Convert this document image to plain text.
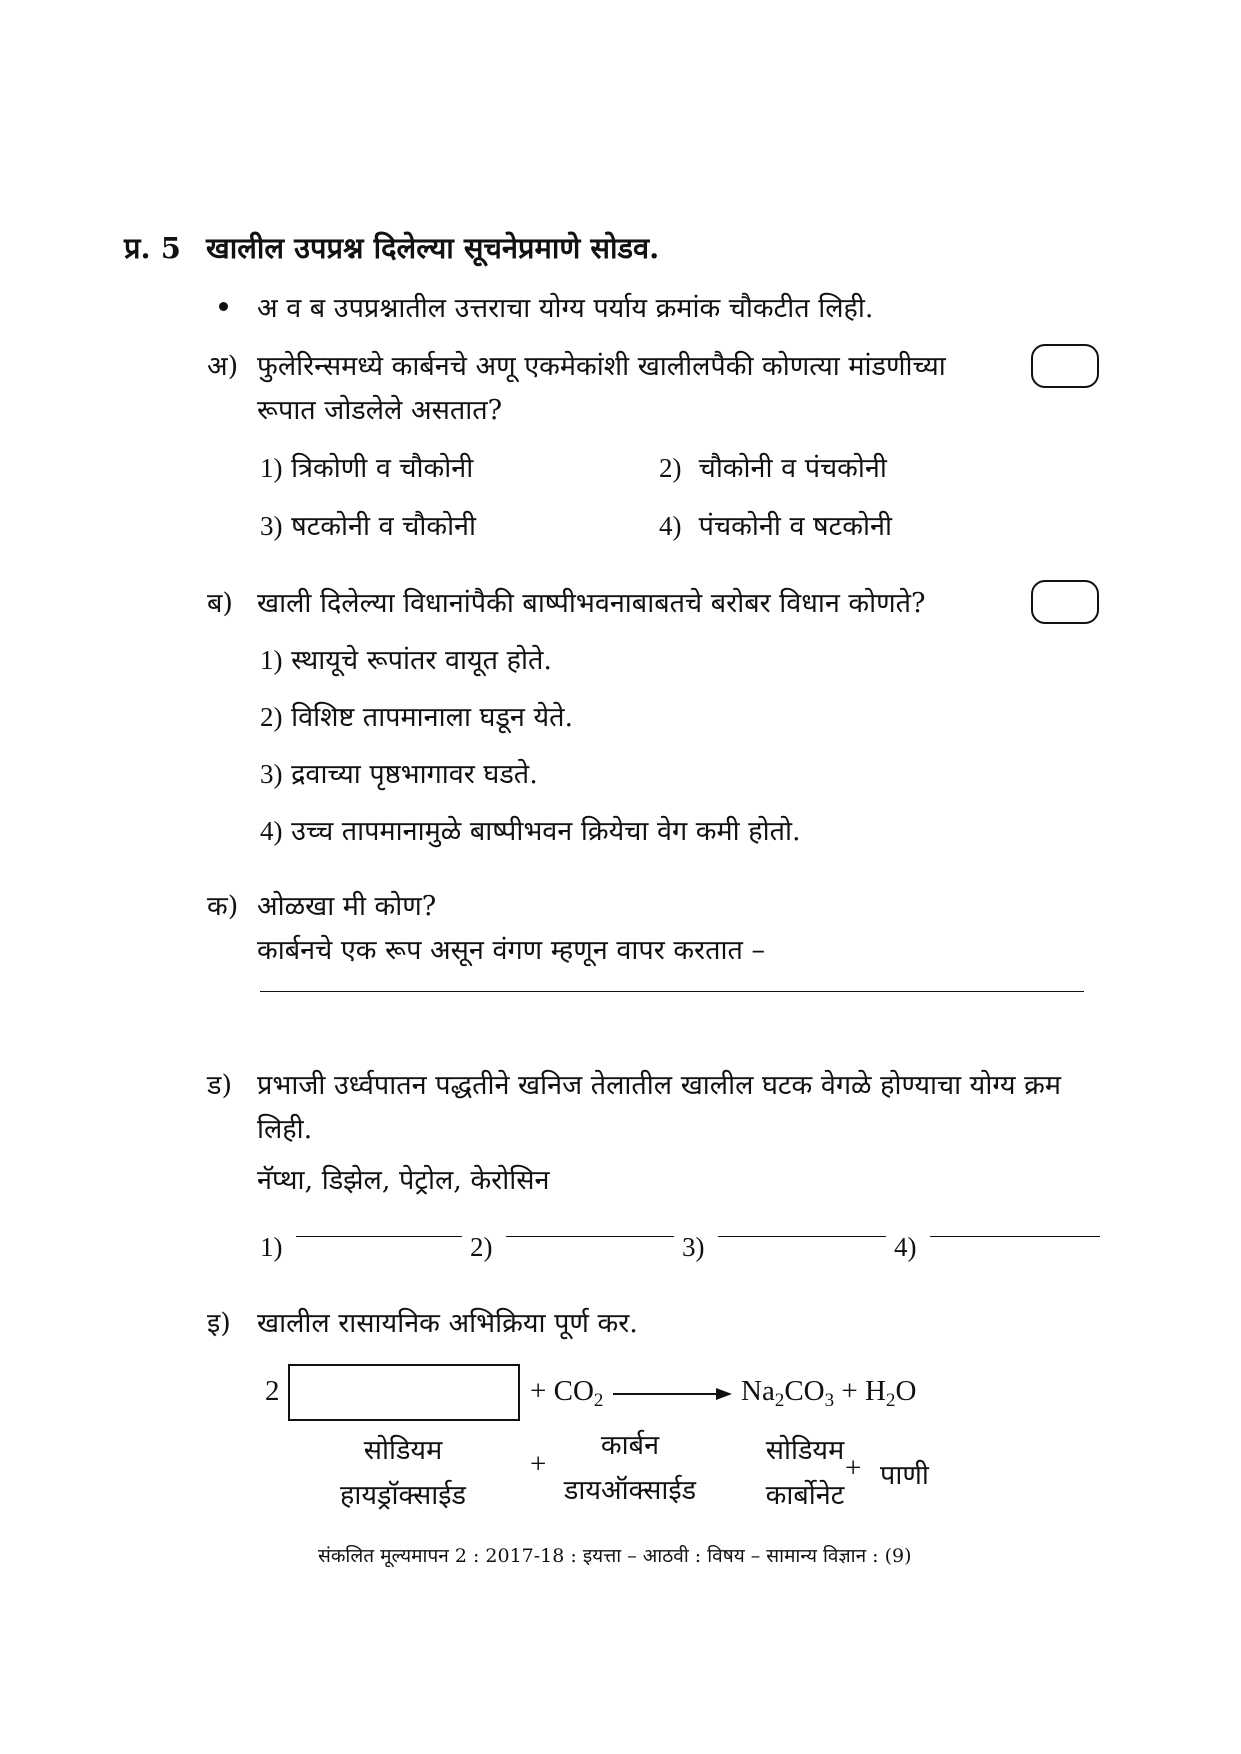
प्र. 5 खालील उपप्रश्न दिलेल्या सूचनेप्रमाणे सोडव.
अ व ब उपप्रश्नातील उत्तराचा योग्य पर्याय क्रमांक चौकटीत लिही.
अ) फुलेरिन्समध्ये कार्बनचे अणू एकमेकांशी खालीलपैकी कोणत्या मांडणीच्या
रूपात जोडलेले असतात?
1) त्रिकोणी व चौकोनी	2) चौकोनी व पंचकोनी
3) षटकोनी व चौकोनी	4) पंचकोनी व षटकोनी
ब) खाली दिलेल्या विधानांपैकी बाष्पीभवनाबाबतचे बरोबर विधान कोणते?
1) स्थायूचे रूपांतर वायूत होते.
2) विशिष्ट तापमानाला घडून येते.
3) द्रवाच्या पृष्ठभागावर घडते.
4) उच्च तापमानामुळे बाष्पीभवन क्रियेचा वेग कमी होतो.
क) ओळखा मी कोण?
कार्बनचे एक रूप असून वंगण म्हणून वापर करतात –
ड) प्रभाजी उर्ध्वपातन पद्धतीने खनिज तेलातील खालील घटक वेगळे होण्याचा योग्य क्रम
लिही.
नॅप्था, डिझेल, पेट्रोल, केरोसिन
1)	2)	3)	4)
इ) खालील रासायनिक अभिक्रिया पूर्ण कर.
2	+ $CO_2$	$Na_2CO_3 + H_2O$
सोडियम
हायड्रॉक्साईड
+
कार्बन
डायऑक्साईड
सोडियम
कार्बोनेट
+ पाणी
संकलित मूल्यमापन 2 : 2017-18 : इयत्ता – आठवी : विषय – सामान्य विज्ञान : (9)
